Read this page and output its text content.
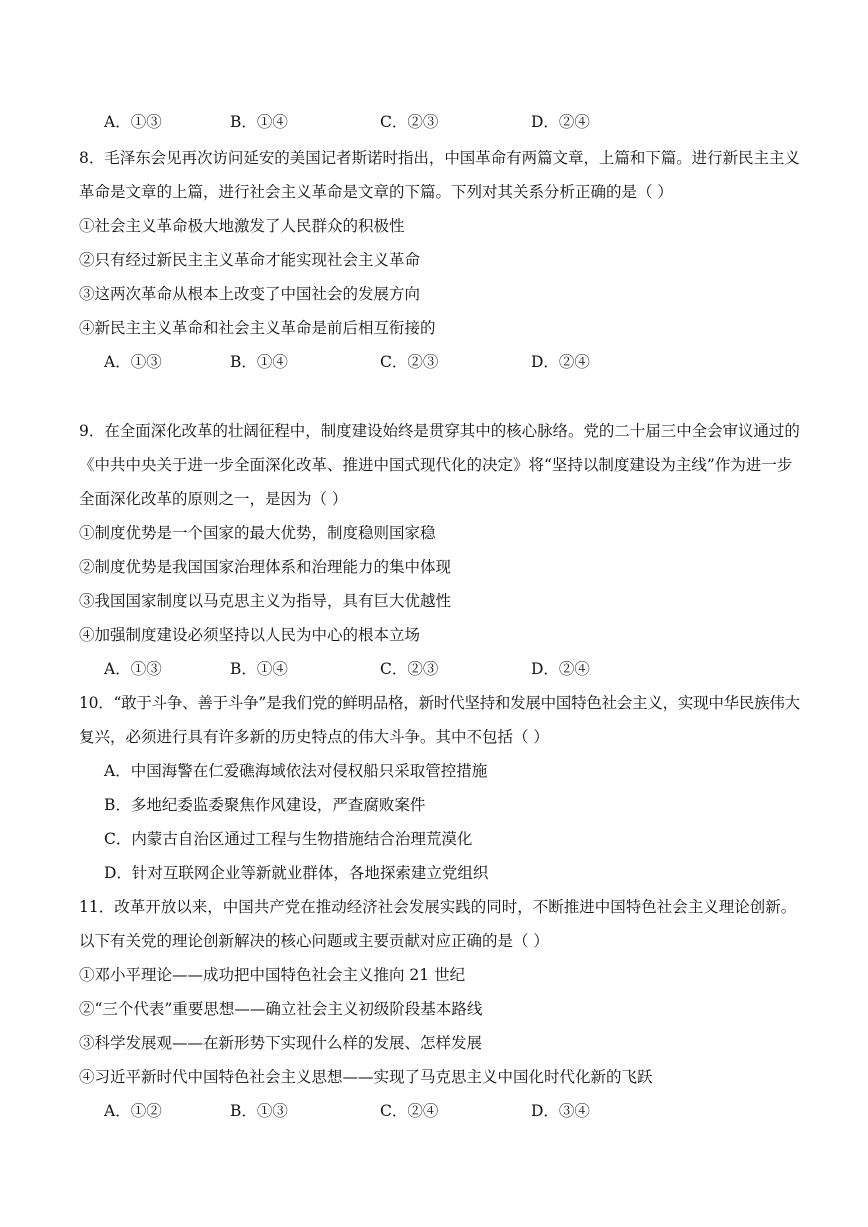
A．①③	B．①④	C．②③	D．②④
8．毛泽东会见再次访问延安的美国记者斯诺时指出，中国革命有两篇文章，上篇和下篇。进行新民主主义
革命是文章的上篇，进行社会主义革命是文章的下篇。下列对其关系分析正确的是（ ）
①社会主义革命极大地激发了人民群众的积极性
②只有经过新民主主义革命才能实现社会主义革命
③这两次革命从根本上改变了中国社会的发展方向
④新民主主义革命和社会主义革命是前后相互衔接的
A．①③	B．①④	C．②③	D．②④
9．在全面深化改革的壮阔征程中，制度建设始终是贯穿其中的核心脉络。党的二十届三中全会审议通过的
《中共中央关于进一步全面深化改革、推进中国式现代化的决定》将“坚持以制度建设为主线”作为进一步
全面深化改革的原则之一，是因为（ ）
①制度优势是一个国家的最大优势，制度稳则国家稳
②制度优势是我国国家治理体系和治理能力的集中体现
③我国国家制度以马克思主义为指导，具有巨大优越性
④加强制度建设必须坚持以人民为中心的根本立场
A．①③	B．①④	C．②③	D．②④
10．“敢于斗争、善于斗争”是我们党的鲜明品格，新时代坚持和发展中国特色社会主义，实现中华民族伟大
复兴，必须进行具有许多新的历史特点的伟大斗争。其中不包括（ ）
A．中国海警在仁爱礁海域依法对侵权船只采取管控措施
B．多地纪委监委聚焦作风建设，严查腐败案件
C．内蒙古自治区通过工程与生物措施结合治理荒漠化
D．针对互联网企业等新就业群体，各地探索建立党组织
11．改革开放以来，中国共产党在推动经济社会发展实践的同时，不断推进中国特色社会主义理论创新。
以下有关党的理论创新解决的核心问题或主要贡献对应正确的是（ ）
①邓小平理论——成功把中国特色社会主义推向 21 世纪
②“三个代表”重要思想——确立社会主义初级阶段基本路线
③科学发展观——在新形势下实现什么样的发展、怎样发展
④习近平新时代中国特色社会主义思想——实现了马克思主义中国化时代化新的飞跃
A．①②	B．①③	C．②④	D．③④
